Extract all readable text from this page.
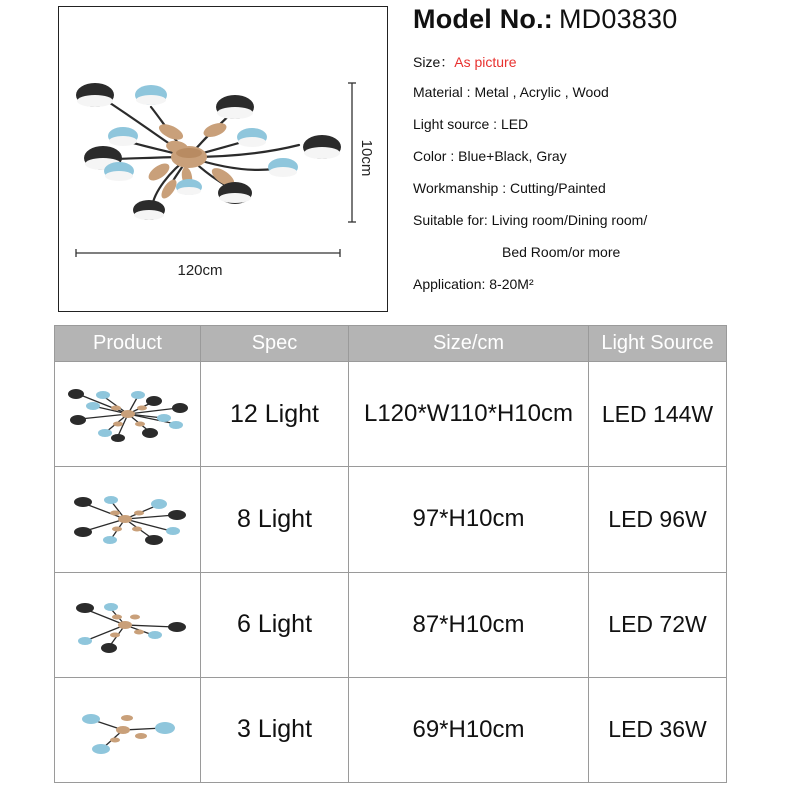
10cm
120cm
Model No.: MD03830
Size：As picture
Material : Metal , Acrylic , Wood
Light source : LED
Color : Blue+Black, Gray
Workmanship : Cutting/Painted
Suitable for: Living room/Dining room/
Bed Room/or more
Application: 8-20M²
Product	Spec	Size/cm	Light Source

	12 Light	L120*W110*H10cm	LED 144W

	8 Light	97*H10cm	LED 96W

	6 Light	87*H10cm	LED 72W

	3 Light	69*H10cm	LED 36W
